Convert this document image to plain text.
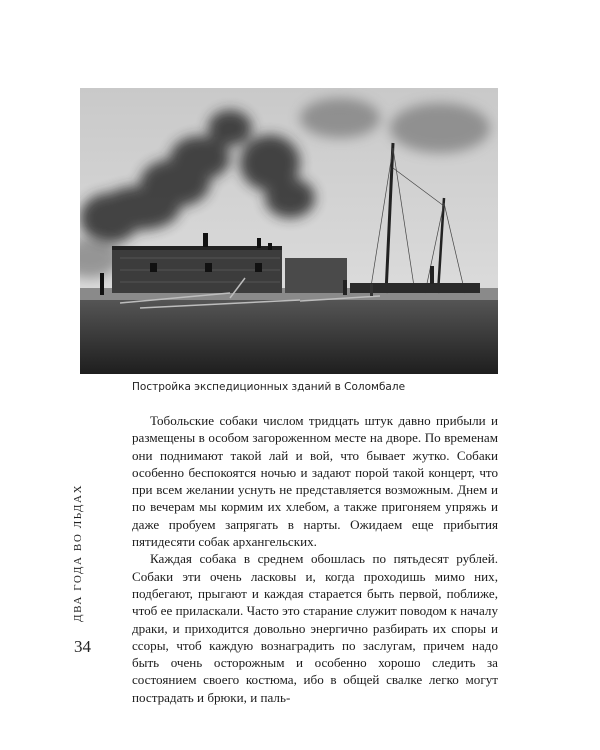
Постройка экспедиционных зданий в Соломбале

Тобольские собаки числом тридцать штук давно прибыли и размещены в особом загороженном месте на дворе. По временам они поднимают такой лай и вой, что бывает жутко. Собаки особенно беспокоятся ночью и задают порой такой концерт, что при всем желании уснуть не представляется возможным. Днем и по вечерам мы кормим их хлебом, а также пригоняем упряжь и даже пробуем запрягать в нарты. Ожидаем еще прибытия пятидесяти собак архангельских.

Каждая собака в среднем обошлась по пятьдесят рублей. Собаки эти очень ласковы и, когда проходишь мимо них, подбегают, прыгают и каждая старается быть первой, поближе, чтоб ее приласкали. Часто это старание служит поводом к началу драки, и приходится довольно энергично разбирать их споры и ссоры, чтоб каждую вознаградить по заслугам, причем надо быть очень осторожным и особенно хорошо следить за состоянием своего костюма, ибо в общей свалке легко могут пострадать и брюки, и паль-

ДВА ГОДА ВО ЛЬДАХ
34
